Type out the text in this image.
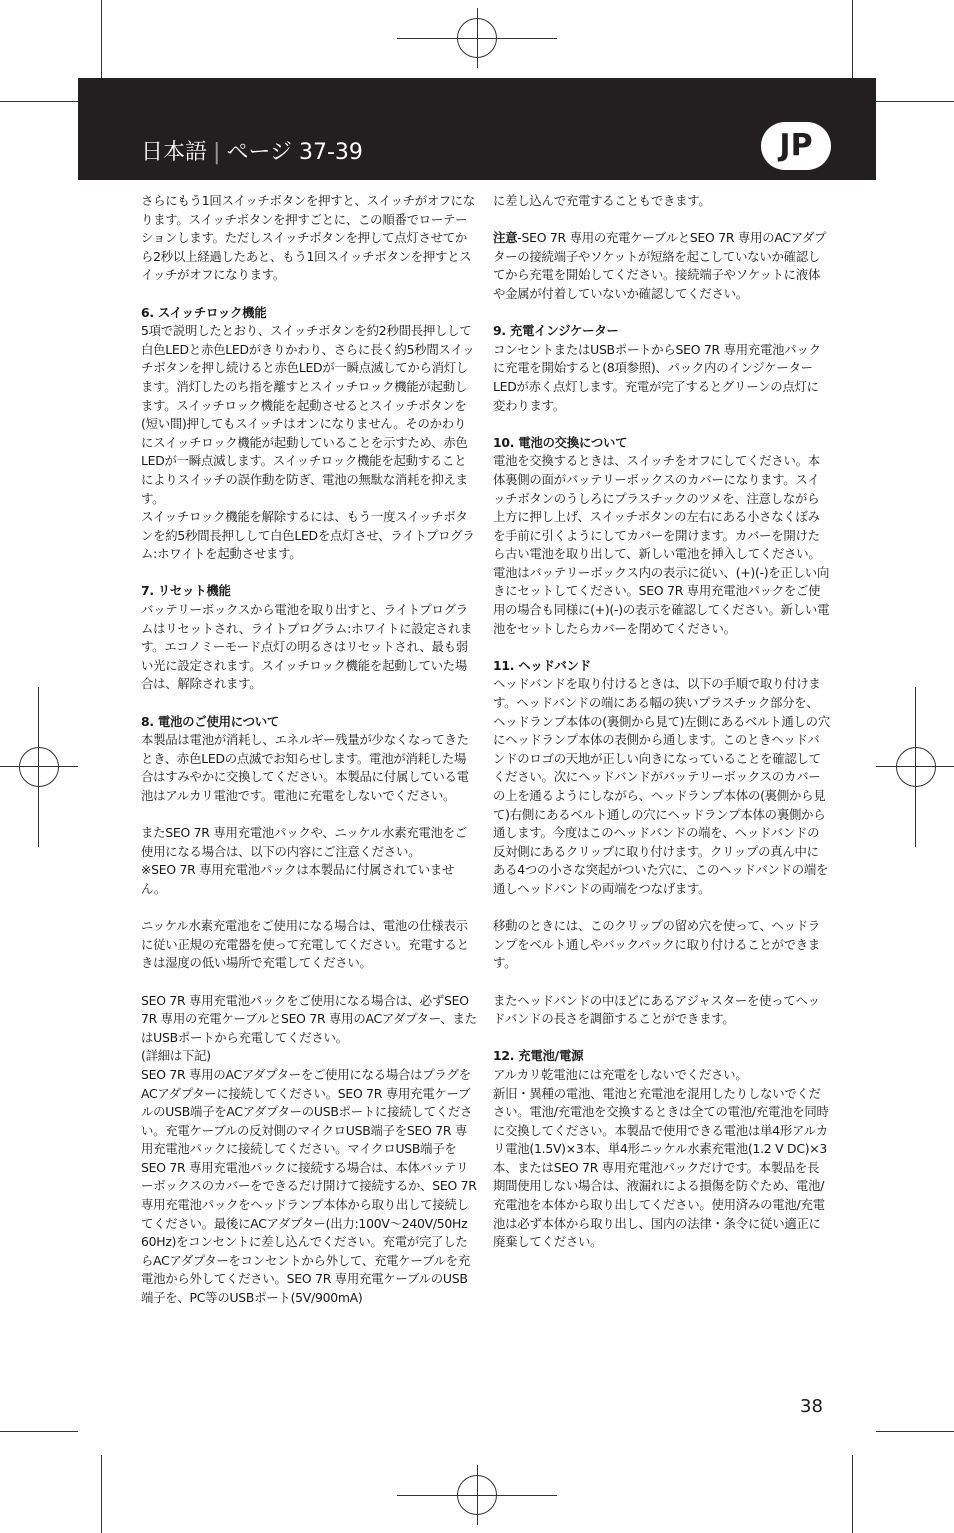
日本語 | ページ 37-39	JP

さらにもう1回スイッチボタンを押すと、スイッチがオフになります。スイッチボタンを押すごとに、この順番でローテーションします。ただしスイッチボタンを押して点灯させてから2秒以上経過したあと、もう1回スイッチボタンを押すとスイッチがオフになります。

6. スイッチロック機能

5項で説明したとおり、スイッチボタンを約2秒間長押しして白色LEDと赤色LEDがきりかわり、さらに長く約5秒間スイッチボタンを押し続けると赤色LEDが一瞬点滅してから消灯します。消灯したのち指を離すとスイッチロック機能が起動します。スイッチロック機能を起動させるとスイッチボタンを(短い間)押してもスイッチはオンになりません。そのかわりにスイッチロック機能が起動していることを示すため、赤色LEDが一瞬点滅します。スイッチロック機能を起動することによりスイッチの誤作動を防ぎ、電池の無駄な消耗を抑えます。

スイッチロック機能を解除するには、もう一度スイッチボタンを約5秒間長押しして白色LEDを点灯させ、ライトプログラム:ホワイトを起動させます。

7. リセット機能

バッテリーボックスから電池を取り出すと、ライトプログラムはリセットされ、ライトプログラム:ホワイトに設定されます。エコノミーモード点灯の明るさはリセットされ、最も弱い光に設定されます。スイッチロック機能を起動していた場合は、解除されます。

8. 電池のご使用について

本製品は電池が消耗し、エネルギー残量が少なくなってきたとき、赤色LEDの点滅でお知らせします。電池が消耗した場合はすみやかに交換してください。本製品に付属している電池はアルカリ電池です。電池に充電をしないでください。

またSEO 7R 専用充電池パックや、ニッケル水素充電池をご使用になる場合は、以下の内容にご注意ください。

※SEO 7R 専用充電池パックは本製品に付属されていません。

ニッケル水素充電池をご使用になる場合は、電池の仕様表示に従い正規の充電器を使って充電してください。充電するときは湿度の低い場所で充電してください。

SEO 7R 専用充電池パックをご使用になる場合は、必ずSEO 7R 専用の充電ケーブルとSEO 7R 専用のACアダプター、またはUSBポートから充電してください。

(詳細は下記)

SEO 7R 専用のACアダプターをご使用になる場合はプラグをACアダプターに接続してください。SEO 7R 専用充電ケーブルのUSB端子をACアダプターのUSBポートに接続してください。充電ケーブルの反対側のマイクロUSB端子をSEO 7R 専用充電池パックに接続してください。マイクロUSB端子をSEO 7R 専用充電池パックに接続する場合は、本体バッテリーボックスのカバーをできるだけ開けて接続するか、SEO 7R 専用充電池パックをヘッドランプ本体から取り出して接続してください。最後にACアダプター(出力:100V〜240V/50Hz 60Hz)をコンセントに差し込んでください。充電が完了したらACアダプターをコンセントから外して、充電ケーブルを充電池から外してください。SEO 7R 専用充電ケーブルのUSB端子を、PC等のUSBポート(5V/900mA)

に差し込んで充電することもできます。

注意-SEO 7R 専用の充電ケーブルとSEO 7R 専用のACアダプターの接続端子やソケットが短絡を起こしていないか確認してから充電を開始してください。接続端子やソケットに液体や金属が付着していないか確認してください。

9. 充電インジケーター

コンセントまたはUSBポートからSEO 7R 専用充電池パックに充電を開始すると(8項参照)、パック内のインジケーターLEDが赤く点灯します。充電が完了するとグリーンの点灯に変わります。

10. 電池の交換について

電池を交換するときは、スイッチをオフにしてください。本体裏側の面がバッテリーボックスのカバーになります。スイッチボタンのうしろにプラスチックのツメを、注意しながら上方に押し上げ、スイッチボタンの左右にある小さなくぼみを手前に引くようにしてカバーを開けます。カバーを開けたら古い電池を取り出して、新しい電池を挿入してください。電池はバッテリーボックス内の表示に従い、(+)(-)を正しい向きにセットしてください。SEO 7R 専用充電池パックをご使用の場合も同様に(+)(-)の表示を確認してください。新しい電池をセットしたらカバーを閉めてください。

11. ヘッドバンド

ヘッドバンドを取り付けるときは、以下の手順で取り付けます。ヘッドバンドの端にある幅の狭いプラスチック部分を、ヘッドランプ本体の(裏側から見て)左側にあるベルト通しの穴にヘッドランプ本体の表側から通します。このときヘッドバンドのロゴの天地が正しい向きになっていることを確認してください。次にヘッドバンドがバッテリーボックスのカバーの上を通るようにしながら、ヘッドランプ本体の(裏側から見て)右側にあるベルト通しの穴にヘッドランプ本体の裏側から通します。今度はこのヘッドバンドの端を、ヘッドバンドの反対側にあるクリップに取り付けます。クリップの真ん中にある4つの小さな突起がついた穴に、このヘッドバンドの端を通しヘッドバンドの両端をつなげます。

移動のときには、このクリップの留め穴を使って、ヘッドランプをベルト通しやバックパックに取り付けることができます。

またヘッドバンドの中ほどにあるアジャスターを使ってヘッドバンドの長さを調節することができます。

12. 充電池/電源

アルカリ乾電池には充電をしないでください。

新旧・異種の電池、電池と充電池を混用したりしないでください。電池/充電池を交換するときは全ての電池/充電池を同時に交換してください。本製品で使用できる電池は単4形アルカリ電池(1.5V)×3本、単4形ニッケル水素充電池(1.2 V DC)×3本、またはSEO 7R 専用充電池パックだけです。本製品を長期間使用しない場合は、液漏れによる損傷を防ぐため、電池/充電池を本体から取り出してください。使用済みの電池/充電池は必ず本体から取り出し、国内の法律・条令に従い適正に廃棄してください。

38
